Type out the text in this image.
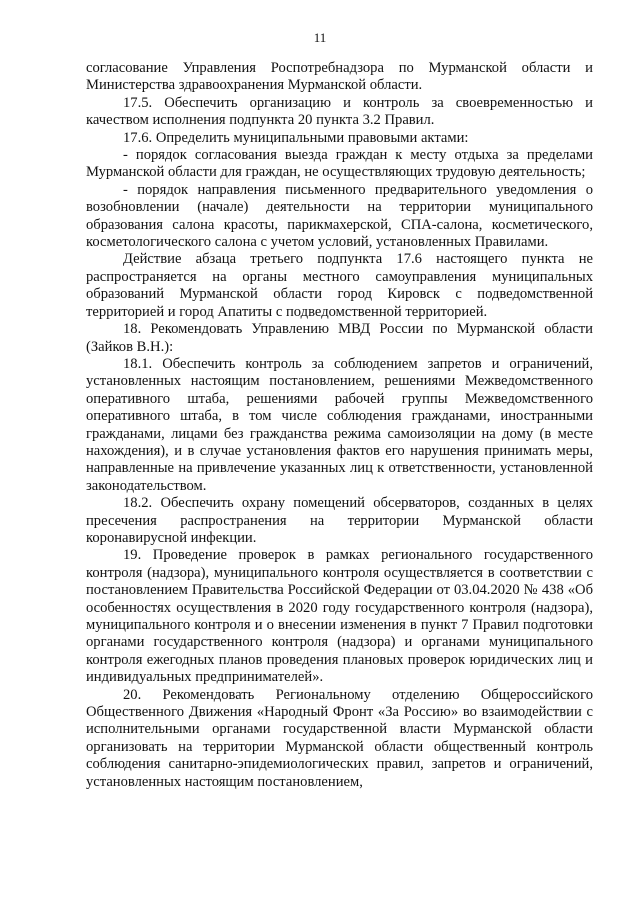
11

согласование Управления Роспотребнадзора по Мурманской области и Министерства здравоохранения Мурманской области.

17.5. Обеспечить организацию и контроль за своевременностью и качеством исполнения подпункта 20 пункта 3.2 Правил.

17.6. Определить муниципальными правовыми актами:

- порядок согласования выезда граждан к месту отдыха за пределами Мурманской области для граждан, не осуществляющих трудовую деятельность;

- порядок направления письменного предварительного уведомления о возобновлении (начале) деятельности на территории муниципального образования салона красоты, парикмахерской, СПА-салона, косметического, косметологического салона с учетом условий, установленных Правилами.

Действие абзаца третьего подпункта 17.6 настоящего пункта не распространяется на органы местного самоуправления муниципальных образований Мурманской области город Кировск с подведомственной территорией и город Апатиты с подведомственной территорией.

18. Рекомендовать Управлению МВД России по Мурманской области (Зайков В.Н.):

18.1. Обеспечить контроль за соблюдением запретов и ограничений, установленных настоящим постановлением, решениями Межведомственного оперативного штаба, решениями рабочей группы Межведомственного оперативного штаба, в том числе соблюдения гражданами, иностранными гражданами, лицами без гражданства режима самоизоляции на дому (в месте нахождения), и в случае установления фактов его нарушения принимать меры, направленные на привлечение указанных лиц к ответственности, установленной законодательством.

18.2. Обеспечить охрану помещений обсерваторов, созданных в целях пресечения распространения на территории Мурманской области коронавирусной инфекции.

19. Проведение проверок в рамках регионального государственного контроля (надзора), муниципального контроля осуществляется в соответствии с постановлением Правительства Российской Федерации от 03.04.2020 № 438 «Об особенностях осуществления в 2020 году государственного контроля (надзора), муниципального контроля и о внесении изменения в пункт 7 Правил подготовки органами государственного контроля (надзора) и органами муниципального контроля ежегодных планов проведения плановых проверок юридических лиц и индивидуальных предпринимателей».

20. Рекомендовать Региональному отделению Общероссийского Общественного Движения «Народный Фронт «За Россию» во взаимодействии с исполнительными органами государственной власти Мурманской области организовать на территории Мурманской области общественный контроль соблюдения санитарно-эпидемиологических правил, запретов и ограничений, установленных настоящим постановлением,
